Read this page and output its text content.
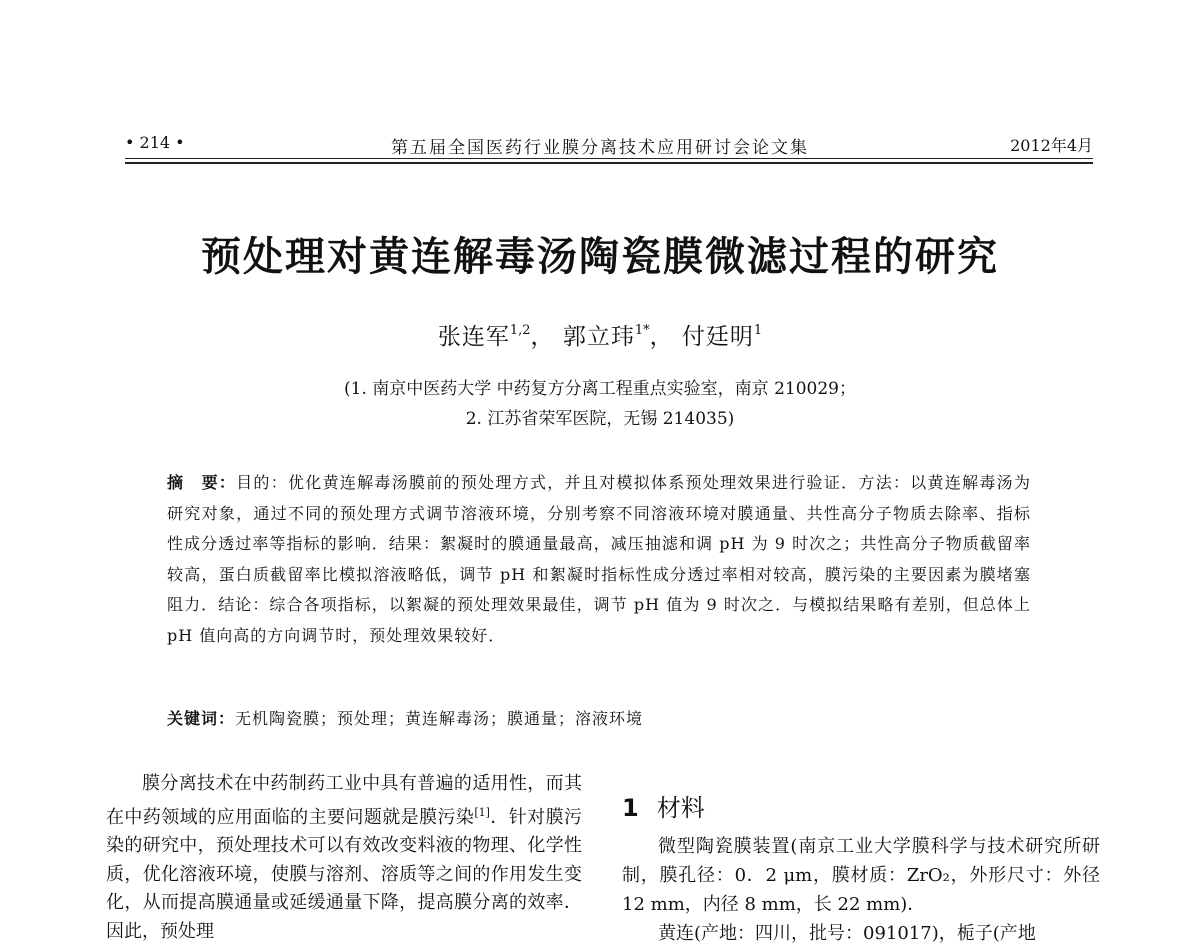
• 214 •	第五届全国医药行业膜分离技术应用研讨会论文集	2012年4月
预处理对黄连解毒汤陶瓷膜微滤过程的研究
张连军$^{1,2}$， 郭立玮$^{1*}$， 付廷明$^1$
(1. 南京中医药大学 中药复方分离工程重点实验室，南京 210029；
2. 江苏省荣军医院，无锡 214035)
摘　要：目的：优化黄连解毒汤膜前的预处理方式，并且对模拟体系预处理效果进行验证．方法：以黄连解毒汤为研究对象，通过不同的预处理方式调节溶液环境，分别考察不同溶液环境对膜通量、共性高分子物质去除率、指标性成分透过率等指标的影响．结果：絮凝时的膜通量最高，减压抽滤和调 pH 为 9 时次之；共性高分子物质截留率较高，蛋白质截留率比模拟溶液略低，调节 pH 和絮凝时指标性成分透过率相对较高，膜污染的主要因素为膜堵塞阻力．结论：综合各项指标，以絮凝的预处理效果最佳，调节 pH 值为 9 时次之．与模拟结果略有差别，但总体上 pH 值向高的方向调节时，预处理效果较好．
关键词：无机陶瓷膜；预处理；黄连解毒汤；膜通量；溶液环境

膜分离技术在中药制药工业中具有普遍的适用性，而其在中药领域的应用面临的主要问题就是膜污染[1]．针对膜污染的研究中，预处理技术可以有效改变料液的物理、化学性质，优化溶液环境，使膜与溶剂、溶质等之间的作用发生变化，从而提高膜通量或延缓通量下降，提高膜分离的效率．因此，预处理

1 材料

微型陶瓷膜装置(南京工业大学膜科学与技术研究所研制，膜孔径：0．2 μm，膜材质：ZrO₂，外形尺寸：外径 12 mm，内径 8 mm，长 22 mm)．

黄连(产地：四川，批号：091017)，栀子(产地
